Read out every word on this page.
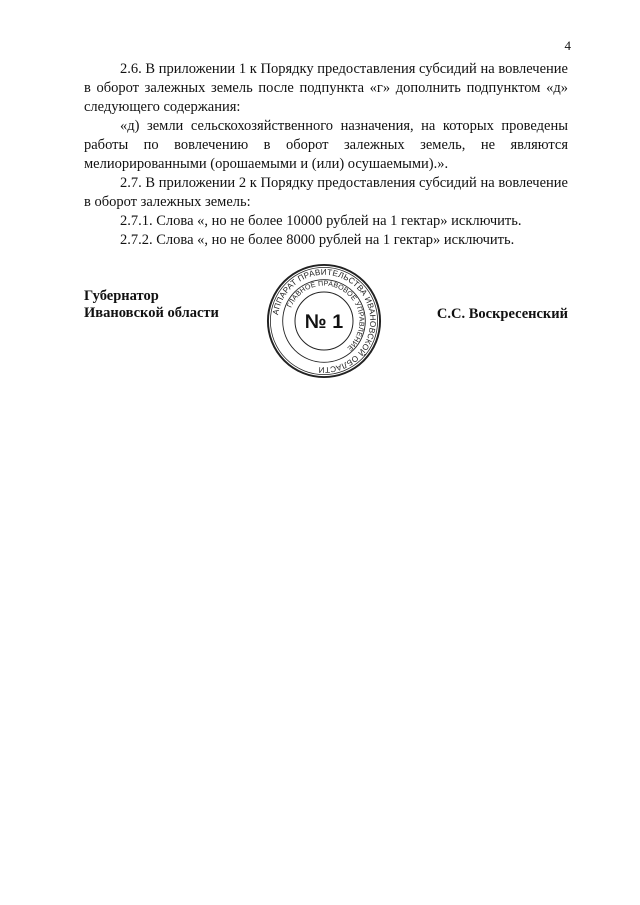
4

2.6. В приложении 1 к Порядку предоставления субсидий на вовлечение в оборот залежных земель после подпункта «г» дополнить подпунктом «д» следующего содержания:

«д) земли сельскохозяйственного назначения, на которых проведены работы по вовлечению в оборот залежных земель, не являются мелиорированными (орошаемыми и (или) осушаемыми).».

2.7. В приложении 2 к Порядку предоставления субсидий на вовлечение в оборот залежных земель:

2.7.1. Слова «, но не более 10000 рублей на 1 гектар» исключить.

2.7.2. Слова «, но не более 8000 рублей на 1 гектар» исключить.

Губернатор
Ивановской области	С.С. Воскресенский
АППАРАТ ПРАВИТЕЛЬСТВА ИВАНОВСКОЙ ОБЛАСТИ
ГЛАВНОЕ ПРАВОВОЕ УПРАВЛЕНИЕ
№ 1
